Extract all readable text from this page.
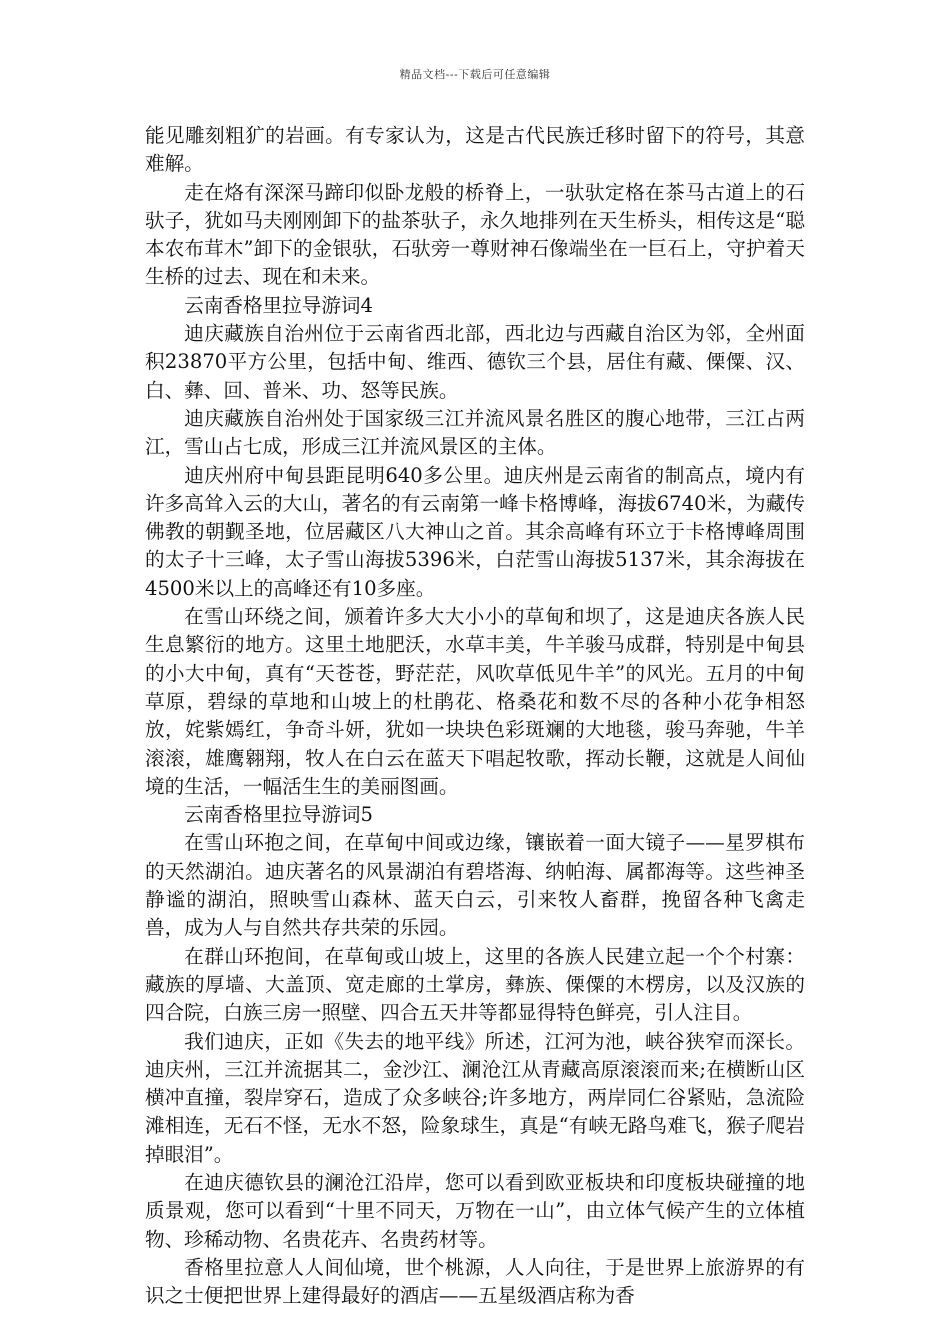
精品文档---下载后可任意编辑

能见雕刻粗犷的岩画。有专家认为，这是古代民族迁移时留下的符号，其意难解。

走在烙有深深马蹄印似卧龙般的桥脊上，一驮驮定格在茶马古道上的石驮子，犹如马夫刚刚卸下的盐茶驮子，永久地排列在天生桥头，相传这是“聪本农布茸木”卸下的金银驮，石驮旁一尊财神石像端坐在一巨石上，守护着天生桥的过去、现在和未来。

云南香格里拉导游词4

迪庆藏族自治州位于云南省西北部，西北边与西藏自治区为邻，全州面积23870平方公里，包括中甸、维西、德钦三个县，居住有藏、傈僳、汉、白、彝、回、普米、功、怒等民族。

迪庆藏族自治州处于国家级三江并流风景名胜区的腹心地带，三江占两江，雪山占七成，形成三江并流风景区的主体。

迪庆州府中甸县距昆明640多公里。迪庆州是云南省的制高点，境内有许多高耸入云的大山，著名的有云南第一峰卡格博峰，海拔6740米，为藏传佛教的朝觐圣地，位居藏区八大神山之首。其余高峰有环立于卡格博峰周围的太子十三峰，太子雪山海拔5396米，白茫雪山海拔5137米，其余海拔在4500米以上的高峰还有10多座。

在雪山环绕之间，颁着许多大大小小的草甸和坝了，这是迪庆各族人民生息繁衍的地方。这里土地肥沃，水草丰美，牛羊骏马成群，特别是中甸县的小大中甸，真有“天苍苍，野茫茫，风吹草低见牛羊”的风光。五月的中甸草原，碧绿的草地和山坡上的杜鹃花、格桑花和数不尽的各种小花争相怒放，姹紫嫣红，争奇斗妍，犹如一块块色彩斑斓的大地毯，骏马奔驰，牛羊滚滚，雄鹰翱翔，牧人在白云在蓝天下唱起牧歌，挥动长鞭，这就是人间仙境的生活，一幅活生生的美丽图画。

云南香格里拉导游词5

在雪山环抱之间，在草甸中间或边缘，镶嵌着一面大镜子——星罗棋布的天然湖泊。迪庆著名的风景湖泊有碧塔海、纳帕海、属都海等。这些神圣静谧的湖泊，照映雪山森林、蓝天白云，引来牧人畜群，挽留各种飞禽走兽，成为人与自然共存共荣的乐园。

在群山环抱间，在草甸或山坡上，这里的各族人民建立起一个个村寨：藏族的厚墙、大盖顶、宽走廊的土掌房，彝族、傈僳的木楞房，以及汉族的四合院，白族三房一照壁、四合五天井等都显得特色鲜亮，引人注目。

我们迪庆，正如《失去的地平线》所述，江河为池，峡谷狭窄而深长。迪庆州，三江并流据其二，金沙江、澜沧江从青藏高原滚滚而来;在横断山区横冲直撞，裂岸穿石，造成了众多峡谷;许多地方，两岸同仁谷紧贴，急流险滩相连，无石不怪，无水不怒，险象球生，真是“有峡无路鸟难飞，猴子爬岩掉眼泪”。

在迪庆德钦县的澜沧江沿岸，您可以看到欧亚板块和印度板块碰撞的地质景观，您可以看到“十里不同天，万物在一山”，由立体气候产生的立体植物、珍稀动物、名贵花卉、名贵药材等。

香格里拉意人人间仙境，世个桃源，人人向往，于是世界上旅游界的有识之士便把世界上建得最好的酒店——五星级酒店称为香
